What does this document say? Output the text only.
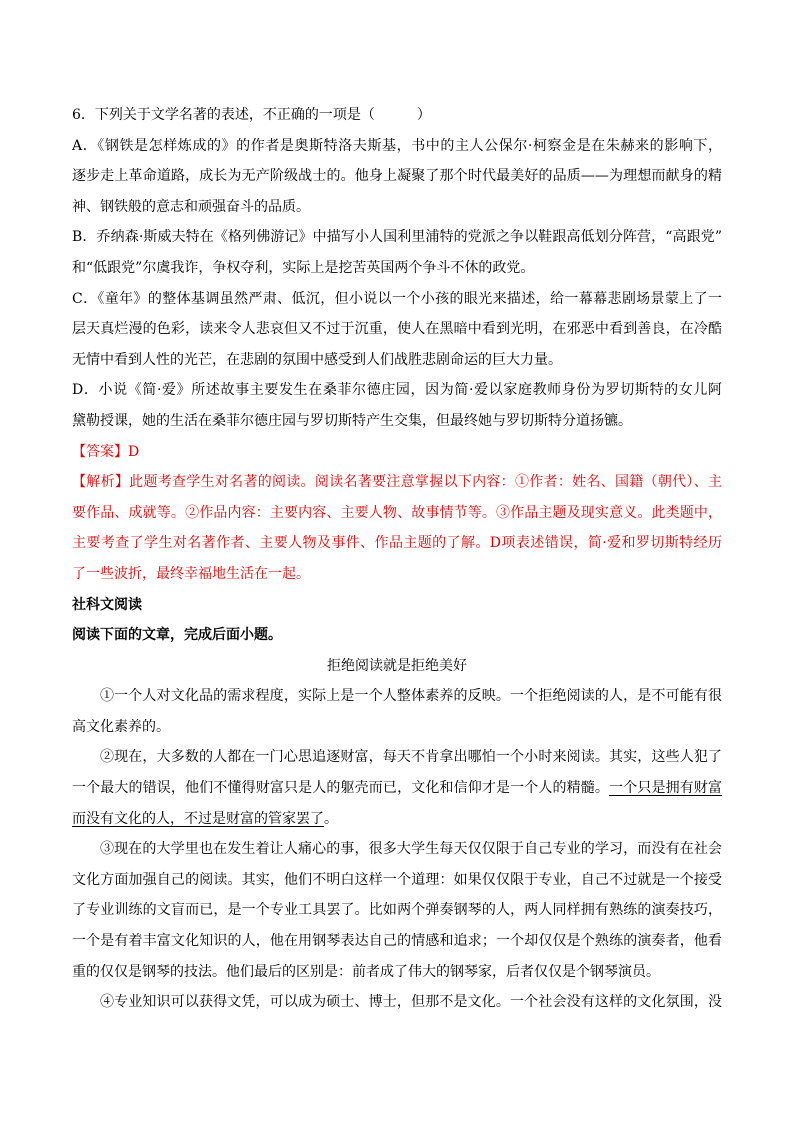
6．下列关于文学名著的表述，不正确的一项是（	）
A．《钢铁是怎样炼成的》的作者是奥斯特洛夫斯基，书中的主人公保尔·柯察金是在朱赫来的影响下，
逐步走上革命道路，成长为无产阶级战士的。他身上凝聚了那个时代最美好的品质——为理想而献身的精
神、钢铁般的意志和顽强奋斗的品质。
B．乔纳森·斯威夫特在《格列佛游记》中描写小人国利里浦特的党派之争以鞋跟高低划分阵营，“高跟党”
和“低跟党”尔虞我诈，争权夺利，实际上是挖苦英国两个争斗不休的政党。
C．《童年》的整体基调虽然严肃、低沉，但小说以一个小孩的眼光来描述，给一幕幕悲剧场景蒙上了一
层天真烂漫的色彩，读来令人悲哀但又不过于沉重，使人在黑暗中看到光明，在邪恶中看到善良，在冷酷
无情中看到人性的光芒，在悲剧的氛围中感受到人们战胜悲剧命运的巨大力量。
D．小说《简·爱》所述故事主要发生在桑菲尔德庄园，因为简·爱以家庭教师身份为罗切斯特的女儿阿
黛勒授课，她的生活在桑菲尔德庄园与罗切斯特产生交集，但最终她与罗切斯特分道扬镳。
【答案】D
【解析】此题考查学生对名著的阅读。阅读名著要注意掌握以下内容：①作者：姓名、国籍（朝代）、主
要作品、成就等。②作品内容：主要内容、主要人物、故事情节等。③作品主题及现实意义。此类题中，
主要考查了学生对名著作者、主要人物及事件、作品主题的了解。D项表述错误，简·爱和罗切斯特经历
了一些波折，最终幸福地生活在一起。
社科文阅读
阅读下面的文章，完成后面小题。
拒绝阅读就是拒绝美好
①一个人对文化品的需求程度，实际上是一个人整体素养的反映。一个拒绝阅读的人，是不可能有很
高文化素养的。
②现在，大多数的人都在一门心思追逐财富，每天不肯拿出哪怕一个小时来阅读。其实，这些人犯了
一个最大的错误，他们不懂得财富只是人的躯壳而已，文化和信仰才是一个人的精髓。一个只是拥有财富
而没有文化的人，不过是财富的管家罢了。
③现在的大学里也在发生着让人痛心的事，很多大学生每天仅仅限于自己专业的学习，而没有在社会
文化方面加强自己的阅读。其实，他们不明白这样一个道理：如果仅仅限于专业，自己不过就是一个接受
了专业训练的文盲而已，是一个专业工具罢了。比如两个弹奏钢琴的人，两人同样拥有熟练的演奏技巧，
一个是有着丰富文化知识的人，他在用钢琴表达自己的情感和追求；一个却仅仅是个熟练的演奏者，他看
重的仅仅是钢琴的技法。他们最后的区别是：前者成了伟大的钢琴家，后者仅仅是个钢琴演员。
④专业知识可以获得文凭，可以成为硕士、博士，但那不是文化。一个社会没有这样的文化氛围，没
